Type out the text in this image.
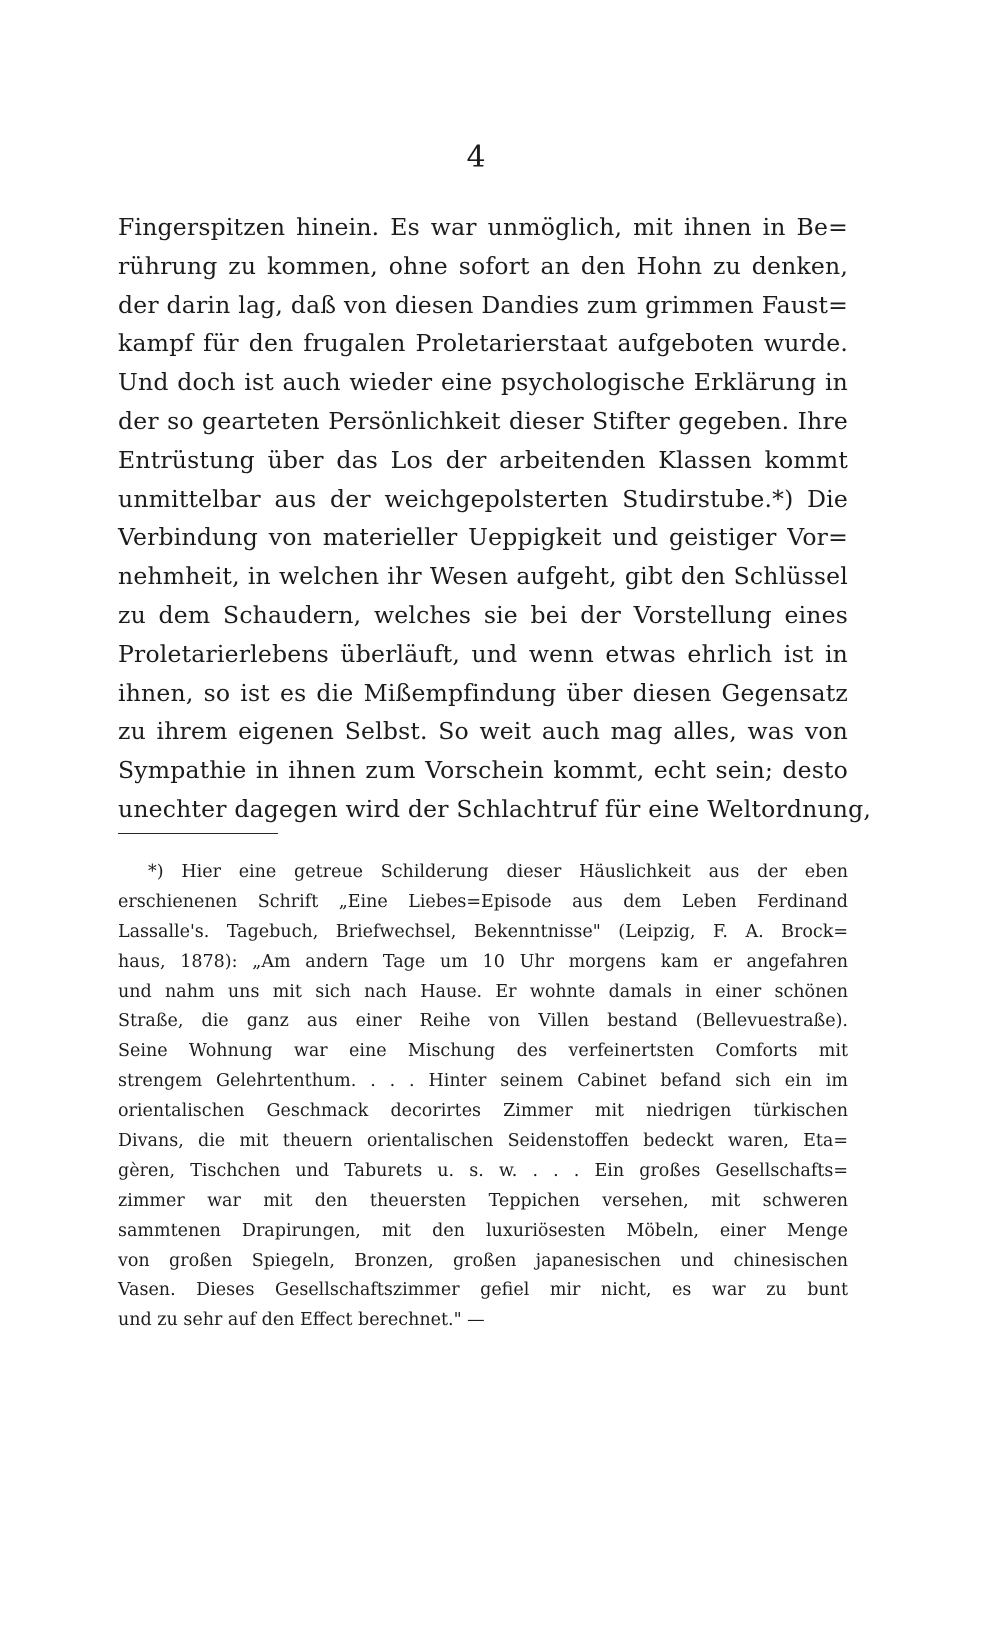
4
Fingerspitzen hinein. Es war unmöglich, mit ihnen in Be=
rührung zu kommen, ohne sofort an den Hohn zu denken,
der darin lag, daß von diesen Dandies zum grimmen Faust=
kampf für den frugalen Proletarierstaat aufgeboten wurde.
Und doch ist auch wieder eine psychologische Erklärung in
der so gearteten Persönlichkeit dieser Stifter gegeben. Ihre
Entrüstung über das Los der arbeitenden Klassen kommt
unmittelbar aus der weichgepolsterten Studirstube.*) Die
Verbindung von materieller Ueppigkeit und geistiger Vor=
nehmheit, in welchen ihr Wesen aufgeht, gibt den Schlüssel
zu dem Schaudern, welches sie bei der Vorstellung eines
Proletarierlebens überläuft, und wenn etwas ehrlich ist in
ihnen, so ist es die Mißempfindung über diesen Gegensatz
zu ihrem eigenen Selbst. So weit auch mag alles, was von
Sympathie in ihnen zum Vorschein kommt, echt sein; desto
unechter dagegen wird der Schlachtruf für eine Weltordnung,
*) Hier eine getreue Schilderung dieser Häuslichkeit aus der eben
erschienenen Schrift „Eine Liebes=Episode aus dem Leben Ferdinand
Lassalle's. Tagebuch, Briefwechsel, Bekenntnisse" (Leipzig, F. A. Brock=
haus, 1878): „Am andern Tage um 10 Uhr morgens kam er angefahren
und nahm uns mit sich nach Hause. Er wohnte damals in einer schönen
Straße, die ganz aus einer Reihe von Villen bestand (Bellevuestraße).
Seine Wohnung war eine Mischung des verfeinertsten Comforts mit
strengem Gelehrtenthum. . . . Hinter seinem Cabinet befand sich ein im
orientalischen Geschmack decorirtes Zimmer mit niedrigen türkischen
Divans, die mit theuern orientalischen Seidenstoffen bedeckt waren, Eta=
gèren, Tischchen und Taburets u. s. w. . . . Ein großes Gesellschafts=
zimmer war mit den theuersten Teppichen versehen, mit schweren
sammtenen Drapirungen, mit den luxuriösesten Möbeln, einer Menge
von großen Spiegeln, Bronzen, großen japanesischen und chinesischen
Vasen. Dieses Gesellschaftszimmer gefiel mir nicht, es war zu bunt
und zu sehr auf den Effect berechnet." —
